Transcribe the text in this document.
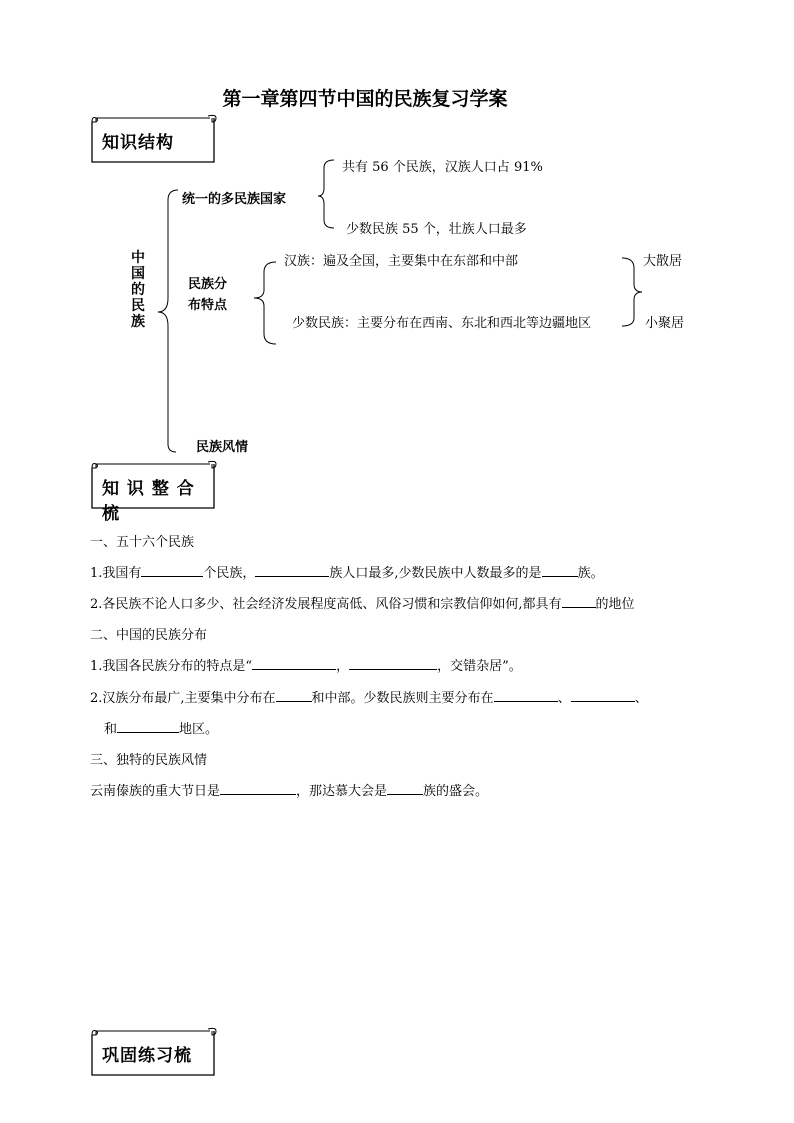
第一章第四节中国的民族复习学案
知识结构
中国的民族
统一的多民族国家
共有 56 个民族，汉族人口占 91%
少数民族 55 个，壮族人口最多
民族分
布特点
汉族：遍及全国，主要集中在东部和中部
少数民族：主要分布在西南、东北和西北等边疆地区
大散居
小聚居
民族风情
知 识 整 合 梳
一、五十六个民族
1.我国有	个民族，	族人口最多,少数民族中人数最多的是	族。
2.各民族不论人口多少、社会经济发展程度高低、风俗习惯和宗教信仰如何,都具有	的地位
二、中国的民族分布
1.我国各民族分布的特点是“	，	，交错杂居”。
2.汉族分布最广,主要集中分布在	和中部。少数民族则主要分布在	、	、
和	地区。
三、独特的民族风情
云南傣族的重大节日是	，那达慕大会是	族的盛会。
巩固练习梳
